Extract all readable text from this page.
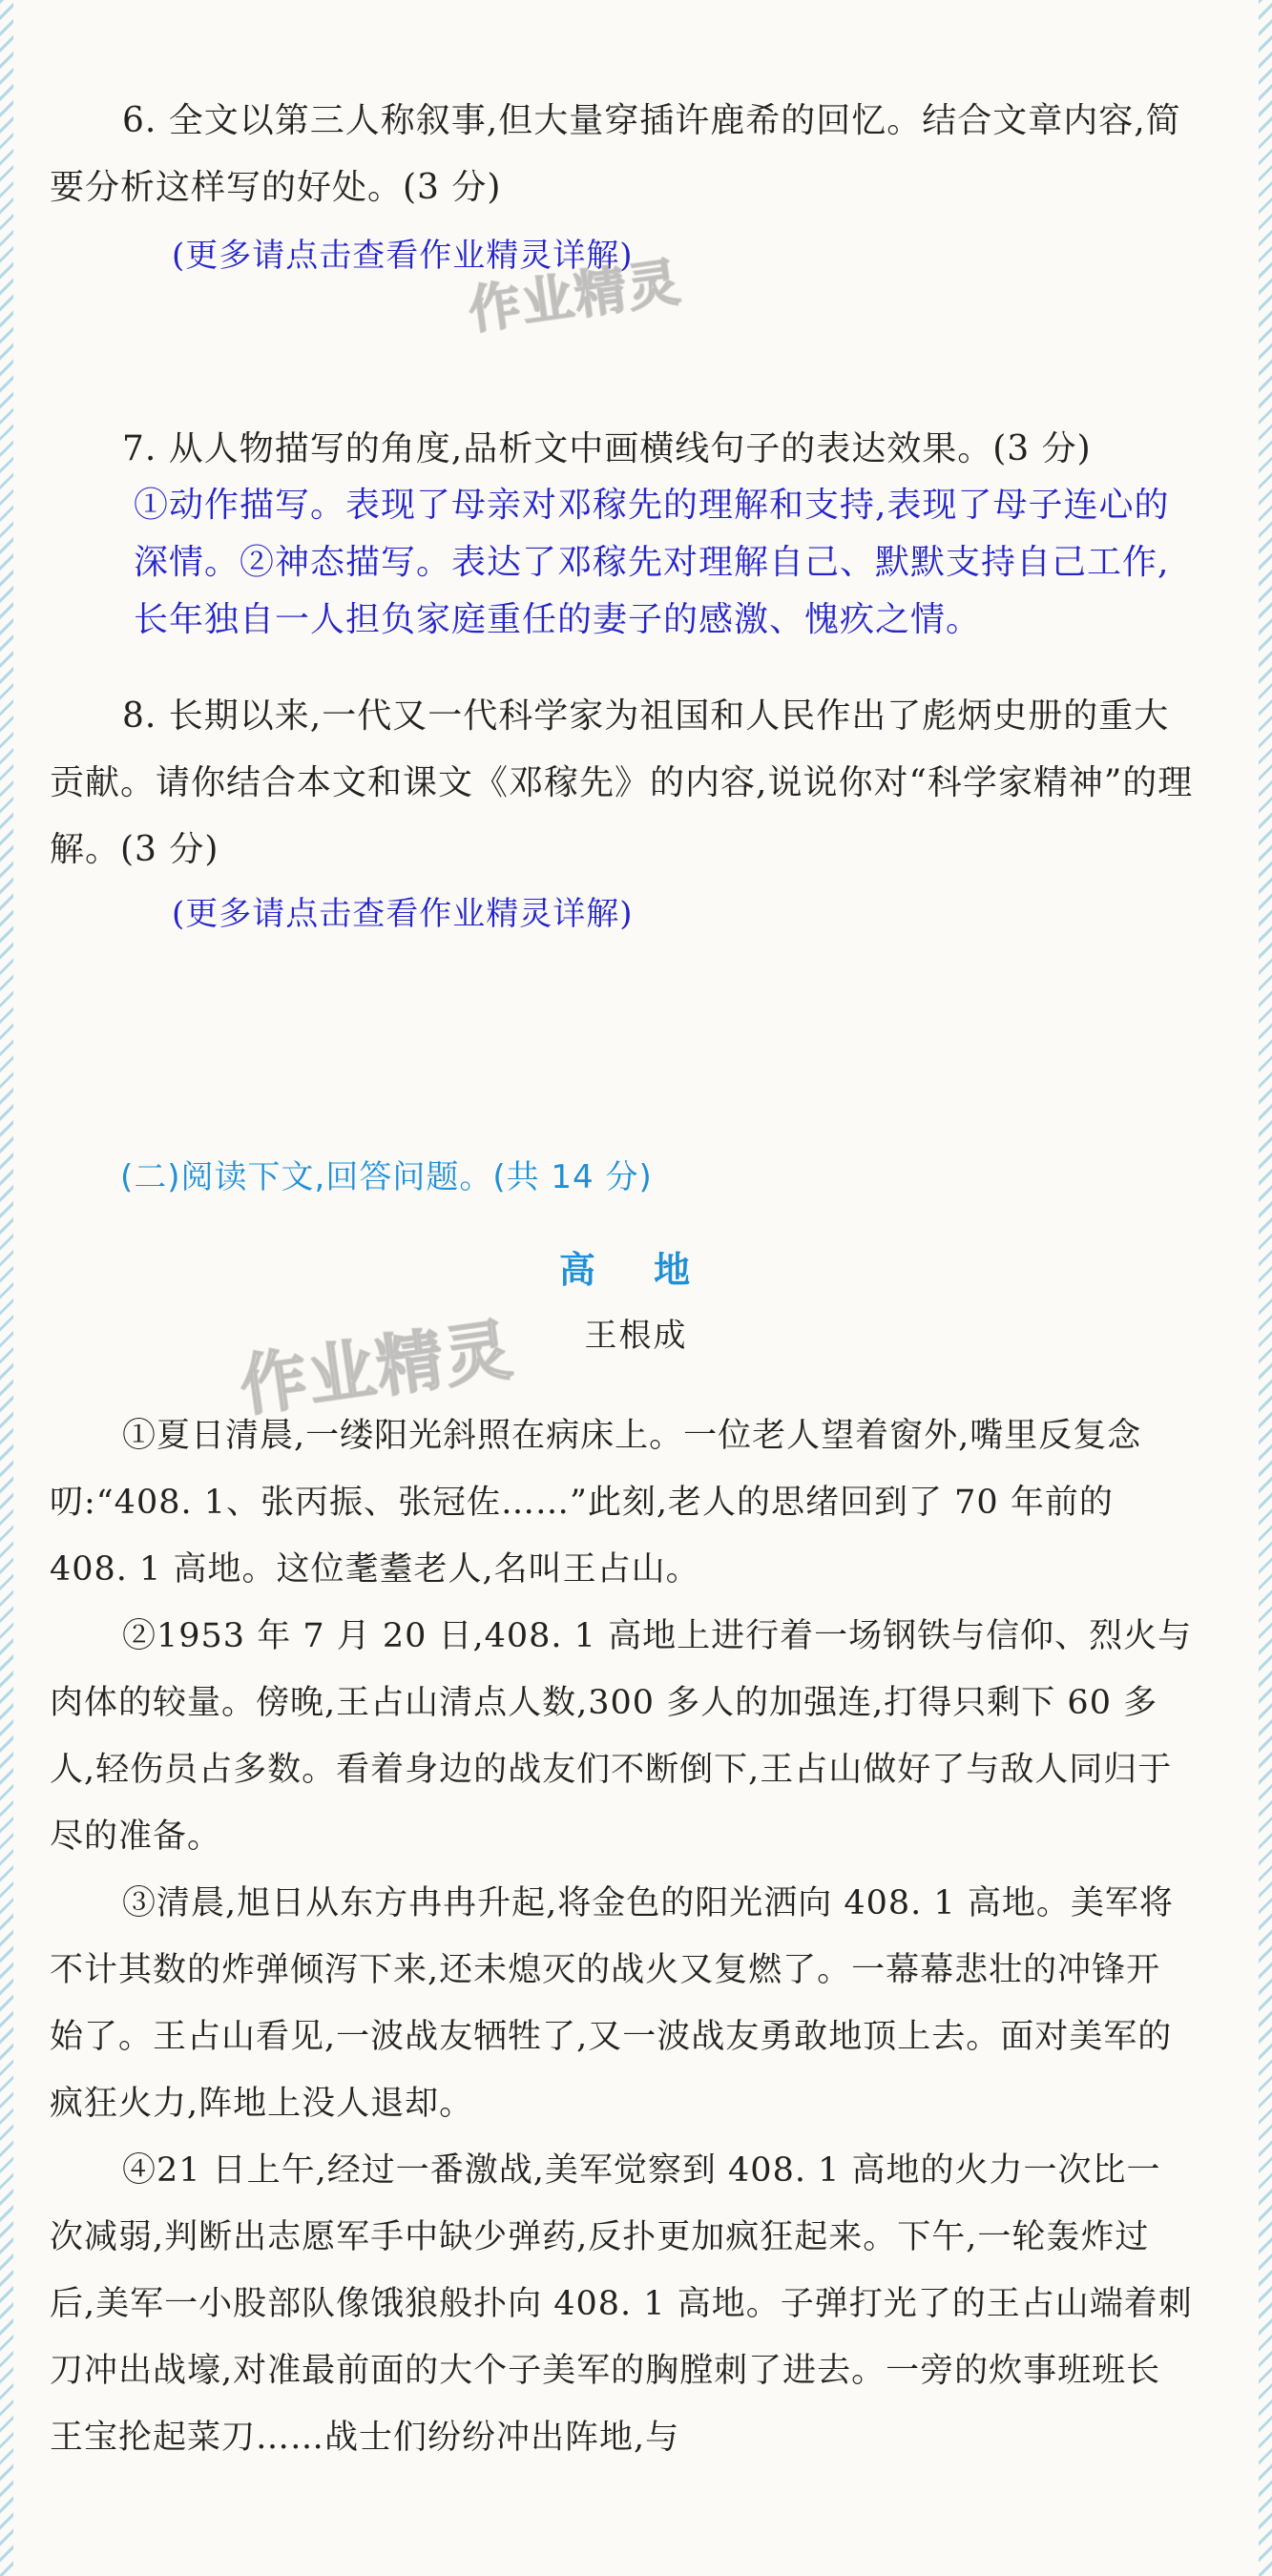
6. 全文以第三人称叙事,但大量穿插许鹿希的回忆。结合文章内容,简要分析这样写的好处。(3 分)
(更多请点击查看作业精灵详解)
作业精灵
7. 从人物描写的角度,品析文中画横线句子的表达效果。(3 分)
①动作描写。表现了母亲对邓稼先的理解和支持,表现了母子连心的深情。②神态描写。表达了邓稼先对理解自己、默默支持自己工作,长年独自一人担负家庭重任的妻子的感激、愧疚之情。
8. 长期以来,一代又一代科学家为祖国和人民作出了彪炳史册的重大贡献。请你结合本文和课文《邓稼先》的内容,说说你对“科学家精神”的理解。(3 分)
(更多请点击查看作业精灵详解)
(二)阅读下文,回答问题。(共 14 分)
高 地
王根成
作业精灵
①夏日清晨,一缕阳光斜照在病床上。一位老人望着窗外,嘴里反复念叨:“408. 1、张丙振、张冠佐……”此刻,老人的思绪回到了 70 年前的 408. 1 高地。这位耄耋老人,名叫王占山。
②1953 年 7 月 20 日,408. 1 高地上进行着一场钢铁与信仰、烈火与肉体的较量。傍晚,王占山清点人数,300 多人的加强连,打得只剩下 60 多人,轻伤员占多数。看着身边的战友们不断倒下,王占山做好了与敌人同归于尽的准备。
③清晨,旭日从东方冉冉升起,将金色的阳光洒向 408. 1 高地。美军将不计其数的炸弹倾泻下来,还未熄灭的战火又复燃了。一幕幕悲壮的冲锋开始了。王占山看见,一波战友牺牲了,又一波战友勇敢地顶上去。面对美军的疯狂火力,阵地上没人退却。
④21 日上午,经过一番激战,美军觉察到 408. 1 高地的火力一次比一次减弱,判断出志愿军手中缺少弹药,反扑更加疯狂起来。下午,一轮轰炸过后,美军一小股部队像饿狼般扑向 408. 1 高地。子弹打光了的王占山端着刺刀冲出战壕,对准最前面的大个子美军的胸膛刺了进去。一旁的炊事班班长王宝抡起菜刀……战士们纷纷冲出阵地,与
